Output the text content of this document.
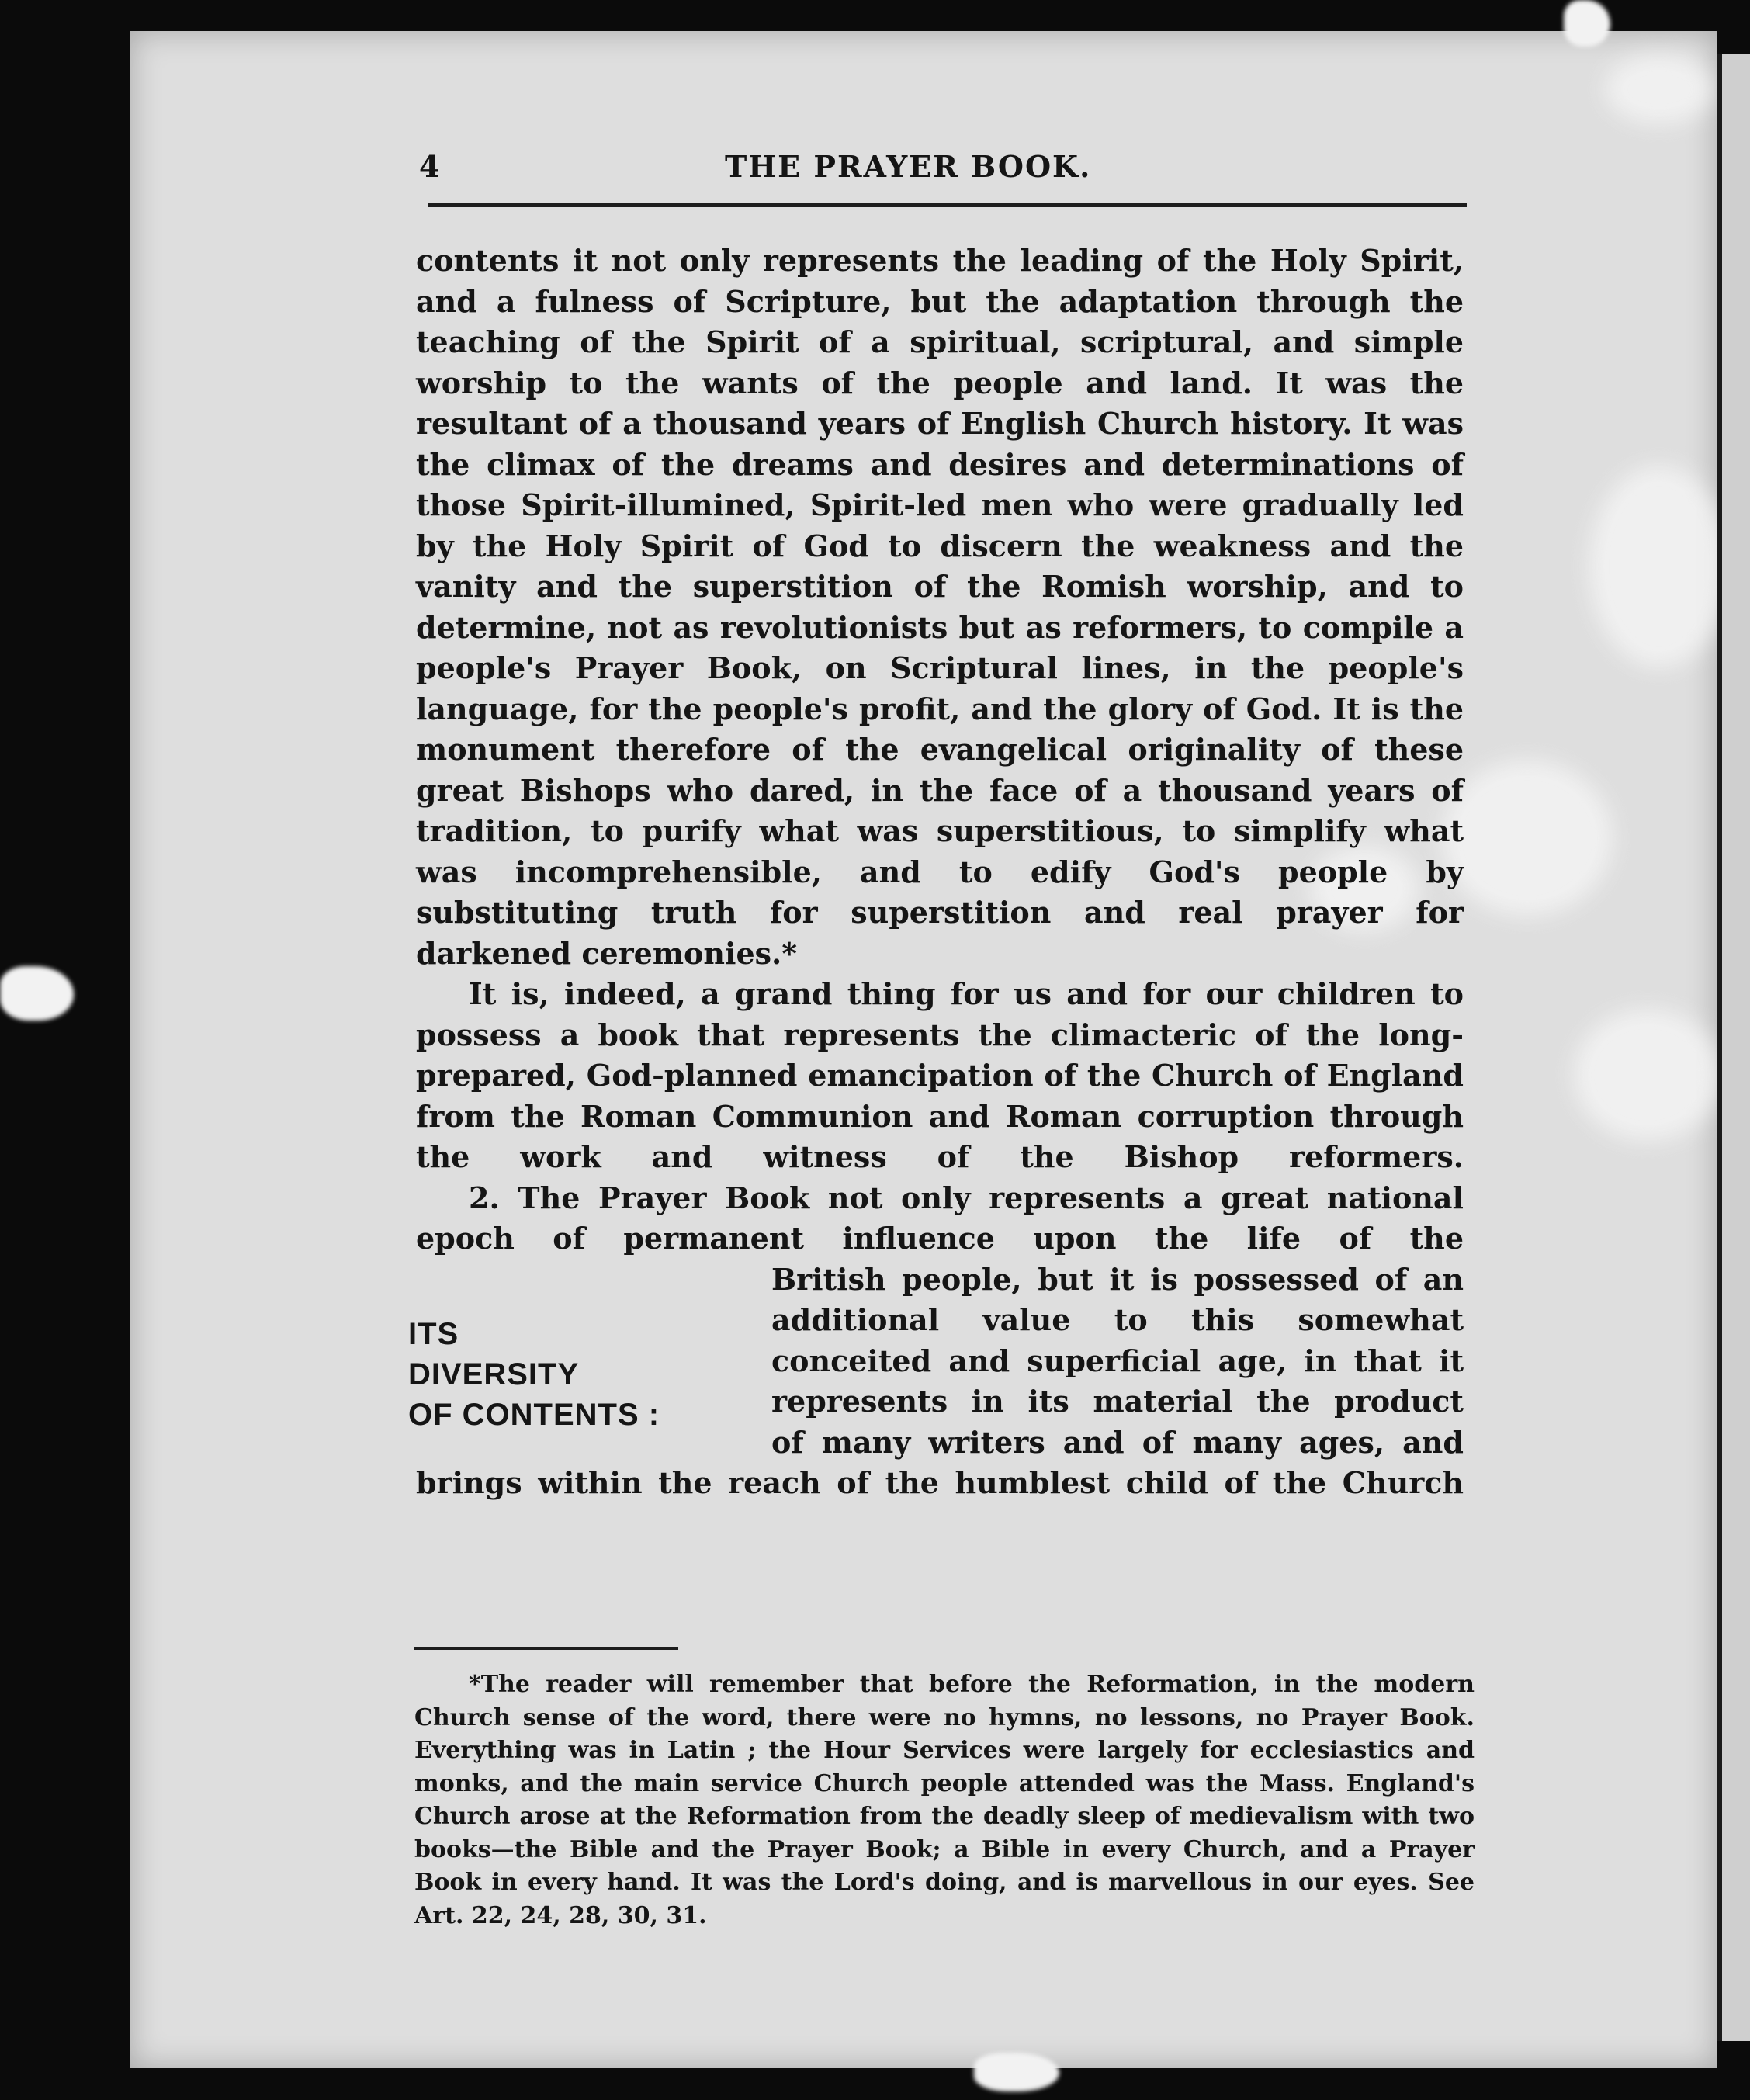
4	THE PRAYER BOOK.

contents it not only represents the leading of the Holy Spirit, and a fulness of Scripture, but the adaptation through the teaching of the Spirit of a spiritual, scriptural, and simple worship to the wants of the people and land. It was the resultant of a thousand years of English Church history. It was the climax of the dreams and desires and determinations of those Spirit-illumined, Spirit-led men who were gradually led by the Holy Spirit of God to discern the weakness and the vanity and the superstition of the Romish worship, and to determine, not as revolutionists but as reformers, to compile a people's Prayer Book, on Scriptural lines, in the people's language, for the people's profit, and the glory of God. It is the monument therefore of the evangelical originality of these great Bishops who dared, in the face of a thousand years of tradition, to purify what was superstitious, to simplify what was incomprehensible, and to edify God's people by substituting truth for superstition and real prayer for darkened ceremonies.*

It is, indeed, a grand thing for us and for our children to possess a book that represents the climacteric of the long-prepared, God-planned emancipation of the Church of England from the Roman Communion and Roman corruption through the work and witness of the Bishop reformers.

2. The Prayer Book not only represents a great national epoch of permanent influence upon the life of the

ITS
DIVERSITY
OF CONTENTS :
British people, but it is possessed of an
additional value to this somewhat
conceited and superficial age, in that it
represents in its material the product
of many writers and of many ages, and

brings within the reach of the humblest child of the Church

*The reader will remember that before the Reformation, in the modern Church sense of the word, there were no hymns, no lessons, no Prayer Book. Everything was in Latin ; the Hour Services were largely for ecclesiastics and monks, and the main service Church people attended was the Mass. England's Church arose at the Reformation from the deadly sleep of medievalism with two books—the Bible and the Prayer Book; a Bible in every Church, and a Prayer Book in every hand. It was the Lord's doing, and is marvellous in our eyes. See Art. 22, 24, 28, 30, 31.
